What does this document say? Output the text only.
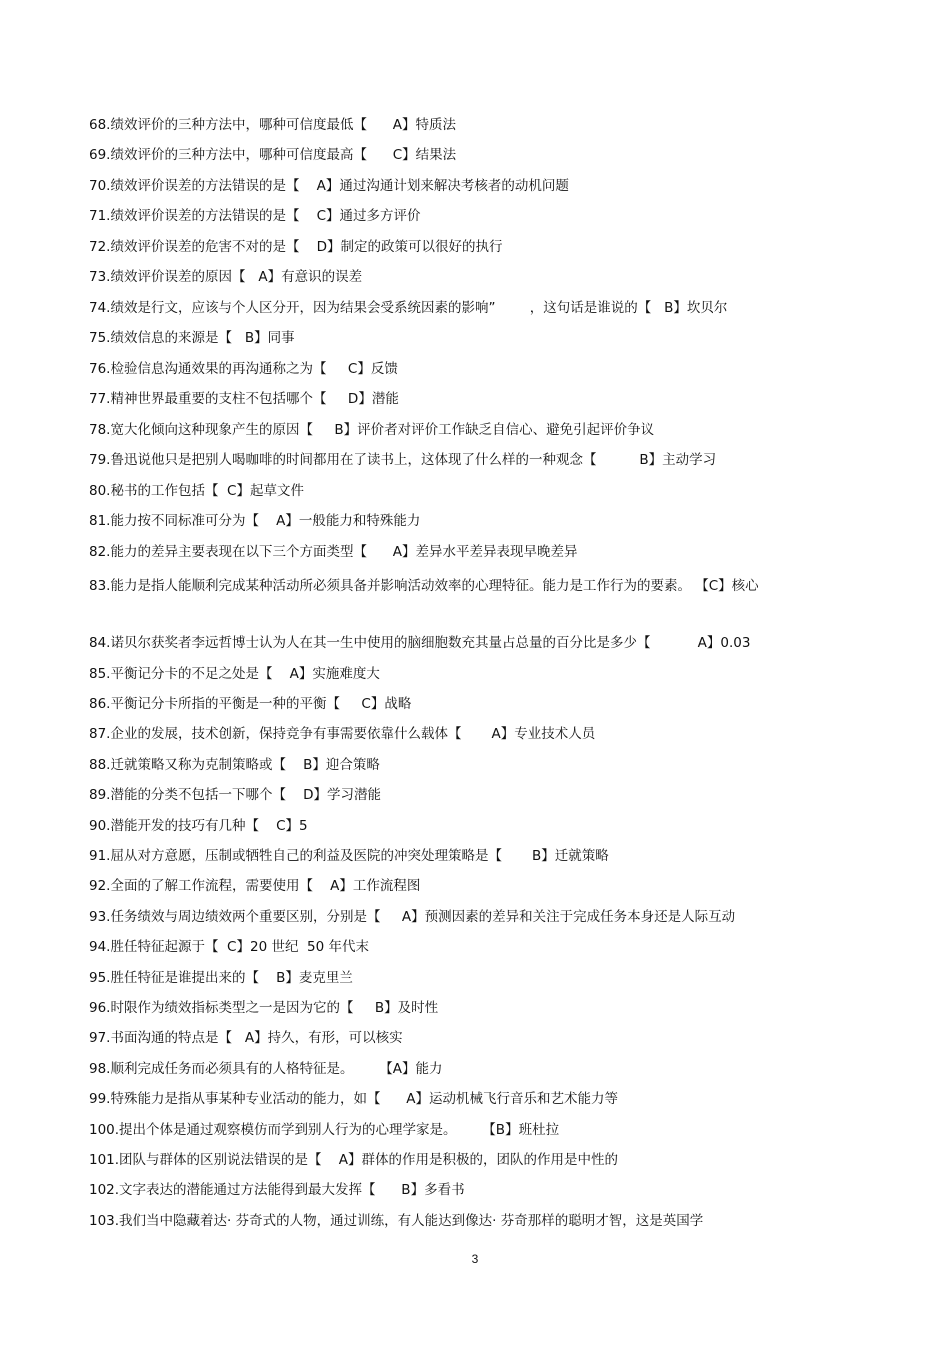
68.绩效评价的三种方法中，哪种可信度最低【      A】特质法
69.绩效评价的三种方法中，哪种可信度最高【      C】结果法
70.绩效评价误差的方法错误的是【    A】通过沟通计划来解决考核者的动机问题
71.绩效评价误差的方法错误的是【    C】通过多方评价
72.绩效评价误差的危害不对的是【    D】制定的政策可以很好的执行
73.绩效评价误差的原因【   A】有意识的误差
74.绩效是行文，应该与个人区分开，因为结果会受系统因素的影响”        ，这句话是谁说的【   B】坎贝尔
75.绩效信息的来源是【   B】同事
76.检验信息沟通效果的再沟通称之为【     C】反馈
77.精神世界最重要的支柱不包括哪个【     D】潜能
78.宽大化倾向这种现象产生的原因【     B】评价者对评价工作缺乏自信心、避免引起评价争议
79.鲁迅说他只是把别人喝咖啡的时间都用在了读书上，这体现了什么样的一种观念【          B】主动学习
80.秘书的工作包括【  C】起草文件
81.能力按不同标准可分为【    A】一般能力和特殊能力
82.能力的差异主要表现在以下三个方面类型【      A】差异水平差异表现早晚差异
83.能力是指人能顺利完成某种活动所必须具备并影响活动效率的心理特征。能力是工作行为的要素。 【C】核心
84.诺贝尔获奖者李远哲博士认为人在其一生中使用的脑细胞数充其量占总量的百分比是多少【           A】0.03
85.平衡记分卡的不足之处是【    A】实施难度大
86.平衡记分卡所指的平衡是一种的平衡【     C】战略
87.企业的发展，技术创新，保持竞争有事需要依靠什么载体【       A】专业技术人员
88.迁就策略又称为克制策略或【    B】迎合策略
89.潜能的分类不包括一下哪个【    D】学习潜能
90.潜能开发的技巧有几种【    C】5
91.屈从对方意愿，压制或牺牲自己的利益及医院的冲突处理策略是【       B】迁就策略
92.全面的了解工作流程，需要使用【    A】工作流程图
93.任务绩效与周边绩效两个重要区别，分别是【     A】预测因素的差异和关注于完成任务本身还是人际互动
94.胜任特征起源于【  C】20 世纪  50 年代末
95.胜任特征是谁提出来的【    B】麦克里兰
96.时限作为绩效指标类型之一是因为它的【     B】及时性
97.书面沟通的特点是【   A】持久，有形，可以核实
98.顺利完成任务而必须具有的人格特征是。      【A】能力
99.特殊能力是指从事某种专业活动的能力，如【      A】运动机械飞行音乐和艺术能力等
100.提出个体是通过观察模仿而学到别人行为的心理学家是。      【B】班杜拉
101.团队与群体的区别说法错误的是【    A】群体的作用是积极的，团队的作用是中性的
102.文字表达的潜能通过方法能得到最大发挥【      B】多看书
103.我们当中隐藏着达· 芬奇式的人物，通过训练，有人能达到像达· 芬奇那样的聪明才智，这是英国学
3
